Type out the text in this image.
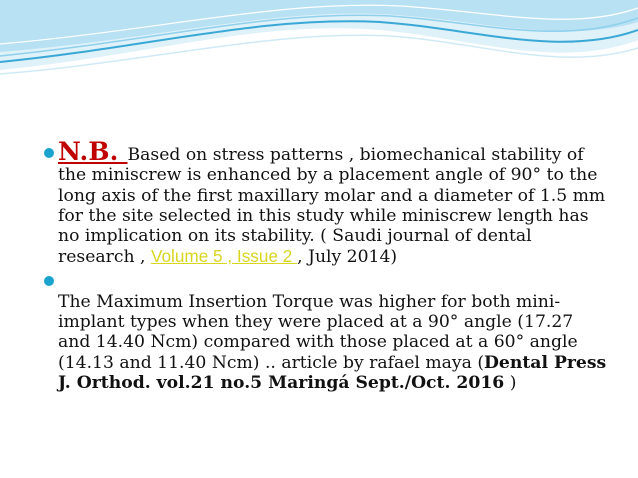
N.B. Based on stress patterns , biomechanical stability of the miniscrew is enhanced by a placement angle of 90° to the long axis of the first maxillary molar and a diameter of 1.5 mm for the site selected in this study while miniscrew length has no implication on its stability. ( Saudi journal of dental research , Volume 5 , Issue 2 , July 2014)
The Maximum Insertion Torque was higher for both mini-implant types when they were placed at a 90° angle (17.27 and 14.40 Ncm) compared with those placed at a 60° angle (14.13 and 11.40 Ncm) .. article by rafael maya (Dental Press J. Orthod. vol.21 no.5 Maringá Sept./Oct. 2016 )
